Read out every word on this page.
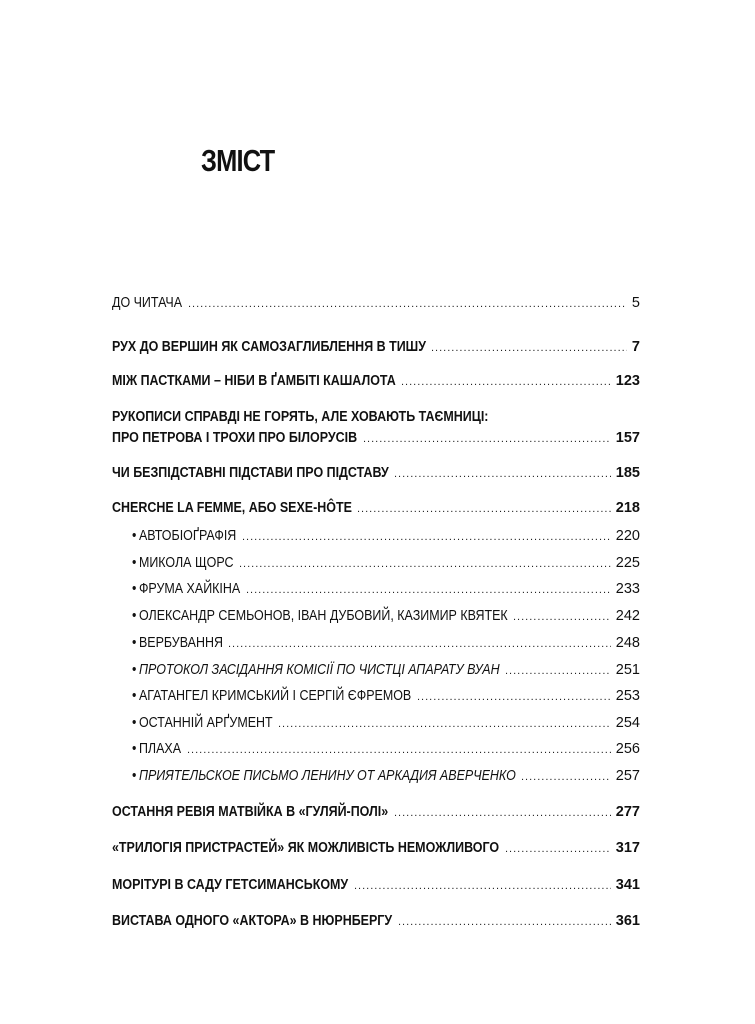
ЗМІСТ
ДО ЧИТАЧА .....	5
РУХ ДО ВЕРШИН ЯК САМОЗАГЛИБЛЕННЯ В ТИШУ .....	7
МІЖ ПАСТКАМИ – НІБИ В ҐАМБІТІ КАШАЛОТА .....	123
РУКОПИСИ СПРАВДІ НЕ ГОРЯТЬ, АЛЕ ХОВАЮТЬ ТАЄМНИЦІ:
ПРО ПЕТРОВА І ТРОХИ ПРО БІЛОРУСІВ .....	157
ЧИ БЕЗПІДСТАВНІ ПІДСТАВИ ПРО ПІДСТАВУ .....	185
CHERCHE LA FEMME, АБО SEXE-HÔTE .....	218
• АВТОБІОҐРАФІЯ .....	220
• МИКОЛА ЩОРС .....	225
• ФРУМА ХАЙКІНА .....	233
• ОЛЕКСАНДР СЕМЬОНОВ, ІВАН ДУБОВИЙ, КАЗИМИР КВЯТЕК .....	242
• ВЕРБУВАННЯ .....	248
• ПРОТОКОЛ ЗАСІДАННЯ КОМІСІЇ ПО ЧИСТЦІ АПАРАТУ ВУАН .....	251
• АГАТАНГЕЛ КРИМСЬКИЙ І СЕРГІЙ ЄФРЕМОВ .....	253
• ОСТАННІЙ АРҐУМЕНТ .....	254
• ПЛАХА .....	256
• ПРИЯТЕЛЬСКОЕ ПИСЬМО ЛЕНИНУ ОТ АРКАДИЯ АВЕРЧЕНКО .....	257
ОСТАННЯ РЕВІЯ МАТВІЙКА В «ГУЛЯЙ-ПОЛІ» .....	277
«ТРИЛОГІЯ ПРИСТРАСТЕЙ» ЯК МОЖЛИВІСТЬ НЕМОЖЛИВОГО .....	317
МОРІТУРІ В САДУ ГЕТСИМАНСЬКОМУ .....	341
ВИСТАВА ОДНОГО «АКТОРА» В НЮРНБЕРГУ .....	361
